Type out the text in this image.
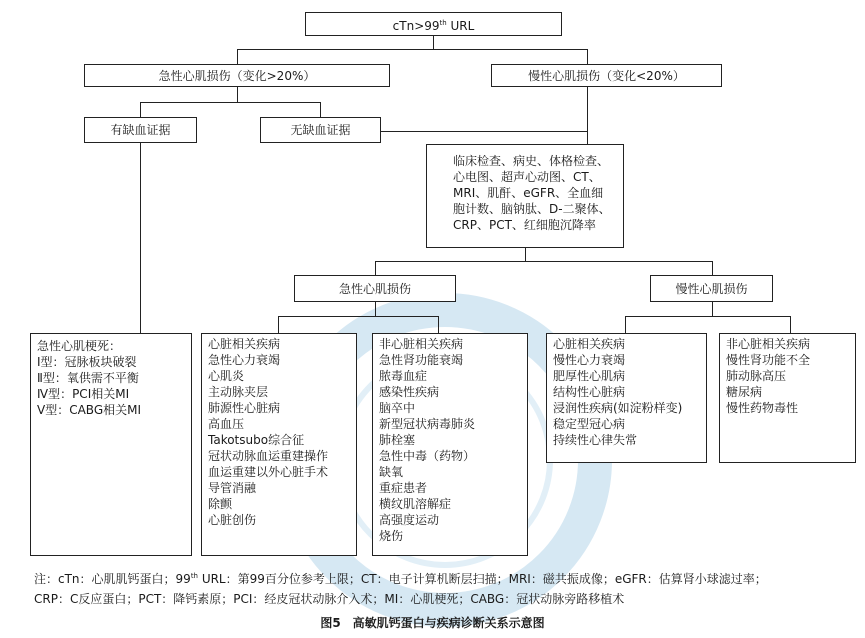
cTn>99th URL
急性心肌损伤（变化>20%）	慢性心肌损伤（变化<20%）
有缺血证据	无缺血证据
临床检查、病史、体格检查、
心电图、超声心动图、CT、
MRI、肌酐、eGFR、全血细
胞计数、脑钠肽、D-二聚体、
CRP、PCT、红细胞沉降率
急性心肌损伤	慢性心肌损伤
急性心肌梗死：
Ⅰ型：冠脉板块破裂
Ⅱ型：氧供需不平衡
Ⅳ型：PCI相关MI
Ⅴ型：CABG相关MI
心脏相关疾病
急性心力衰竭
心肌炎
主动脉夹层
肺源性心脏病
高血压
Takotsubo综合征
冠状动脉血运重建操作
血运重建以外心脏手术
导管消融
除颤
心脏创伤
非心脏相关疾病
急性肾功能衰竭
脓毒血症
感染性疾病
脑卒中
新型冠状病毒肺炎
肺栓塞
急性中毒（药物）
缺氧
重症患者
横纹肌溶解症
高强度运动
烧伤
心脏相关疾病
慢性心力衰竭
肥厚性心肌病
结构性心脏病
浸润性疾病(如淀粉样变)
稳定型冠心病
持续性心律失常
非心脏相关疾病
慢性肾功能不全
肺动脉高压
糖尿病
慢性药物毒性
注：cTn：心肌肌钙蛋白；99th URL：第99百分位参考上限；CT：电子计算机断层扫描；MRI：磁共振成像；eGFR：估算肾小球滤过率；
CRP：C反应蛋白；PCT：降钙素原；PCI：经皮冠状动脉介入术；MI：心肌梗死；CABG：冠状动脉旁路移植术
图5　高敏肌钙蛋白与疾病诊断关系示意图
